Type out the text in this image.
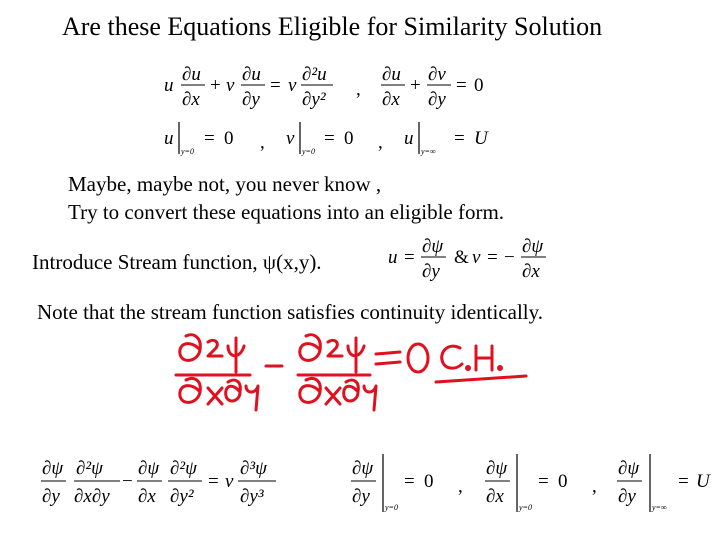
Are these Equations Eligible for Similarity Solution
u
∂u
∂x
+ v
∂u
∂y
= ν
∂²u
∂y² ,
∂u
∂x
+
∂v
∂y
= 0
u
y=0
= 0 , v
y=0
= 0 , u
y=∞
= U
Maybe, maybe not, you never know ,
Try to convert these equations into an eligible form.
Introduce Stream function, ψ(x,y).	u =
∂ψ
∂y
& v = −
∂ψ
∂x
Note that the stream function satisfies continuity identically.
∂ψ
∂y
∂²ψ
∂x∂y
−
∂ψ
∂x
∂²ψ
∂y²
= ν
∂³ψ
∂y³
∂ψ
∂y
y=0
= 0 ,
∂ψ
∂x
y=0
= 0 ,
∂ψ
∂y
y=∞
= U
